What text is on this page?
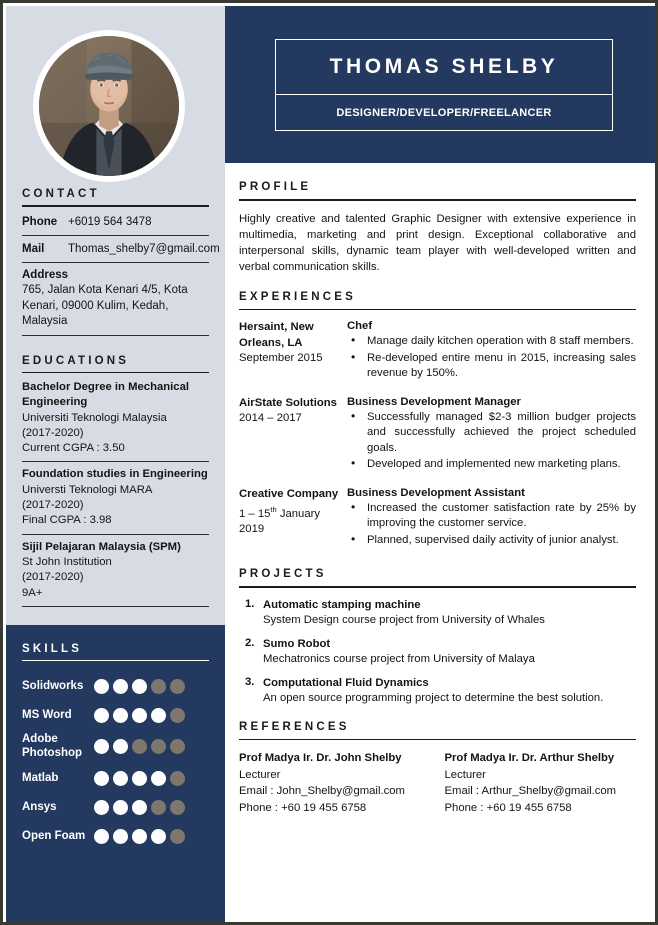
CONTACT
Phone +6019 564 3478
Mail	Thomas_shelby7@gmail.com
Address
765, Jalan Kota Kenari 4/5, Kota
Kenari, 09000 Kulim, Kedah, Malaysia
EDUCATIONS
Bachelor Degree in Mechanical Engineering
Universiti Teknologi Malaysia
(2017-2020)
Current CGPA : 3.50
Foundation studies in Engineering
Universti Teknologi MARA
(2017-2020)
Final CGPA : 3.98
Sijil Pelajaran Malaysia (SPM)
St John Institution
(2017-2020)
9A+
SKILLS
Solidworks
MS Word
Adobe Photoshop
Matlab
Ansys
Open Foam
THOMAS SHELBY
DESIGNER/DEVELOPER/FREELANCER
PROFILE
Highly creative and talented Graphic Designer with extensive experience in multimedia, marketing and print design. Exceptional collaborative and interpersonal skills, dynamic team player with well-developed written and verbal communication skills.
EXPERIENCES
Hersaint, New Orleans, LA
September 2015
Chef
• Manage daily kitchen operation with 8 staff members.
• Re-developed entire menu in 2015, increasing sales revenue by 150%.
AirState Solutions
2014 – 2017
Business Development Manager
• Successfully managed $2-3 million budger projects and successfully achieved the project scheduled goals.
• Developed and implemented new marketing plans.
Creative Company
1 – 15th January 2019
Business Development Assistant
• Increased the customer satisfaction rate by 25% by improving the customer service.
• Planned, supervised daily activity of junior analyst.
PROJECTS
1. Automatic stamping machine
System Design course project from University of Whales
2. Sumo Robot
Mechatronics course project from University of Malaya
3. Computational Fluid Dynamics
An open source programming project to determine the best solution.
REFERENCES
Prof Madya Ir. Dr. John Shelby
Lecturer
Email : John_Shelby@gmail.com
Phone : +60 19 455 6758
Prof Madya Ir. Dr. Arthur Shelby
Lecturer
Email : Arthur_Shelby@gmail.com
Phone : +60 19 455 6758
